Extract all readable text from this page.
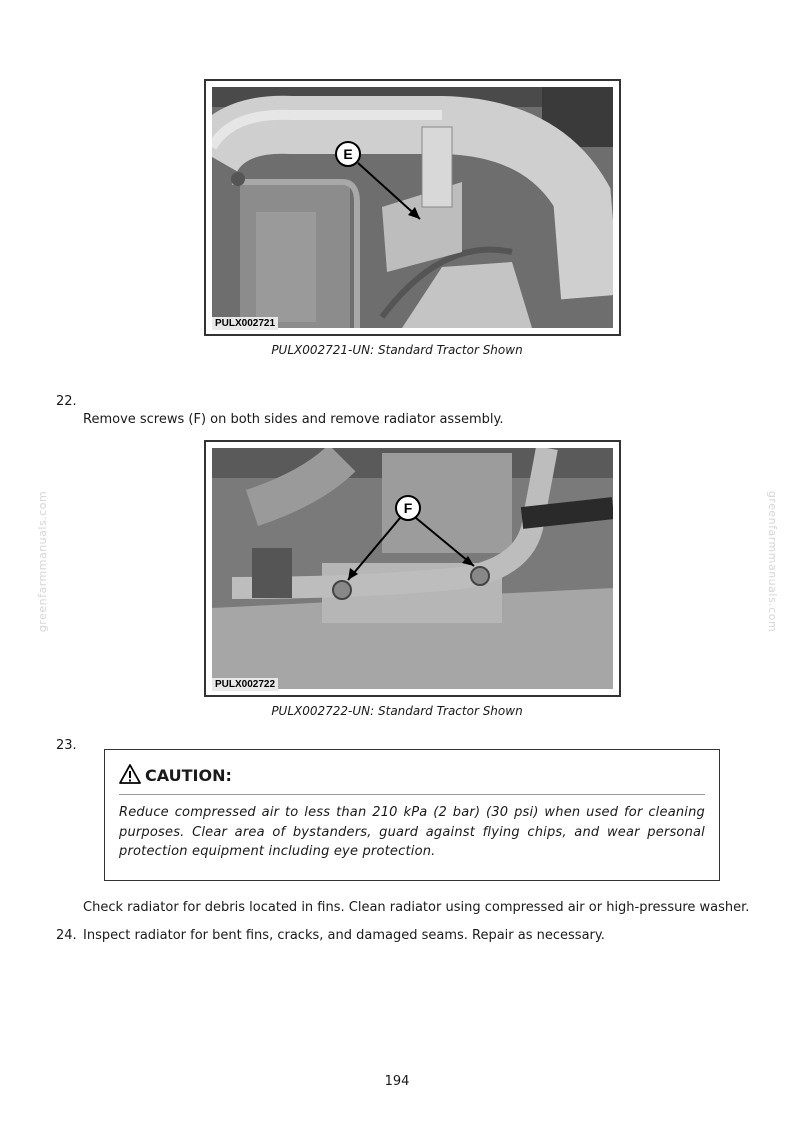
greenfarmmanuals.com	greenfarmmanuals.com
E
PULX002721
PULX002721-UN: Standard Tractor Shown
22.
Remove screws (F) on both sides and remove radiator assembly.
F
PULX002722
PULX002722-UN: Standard Tractor Shown
23.
CAUTION:
Reduce compressed air to less than 210 kPa (2 bar) (30 psi) when used for cleaning purposes. Clear area of bystanders, guard against flying chips, and wear personal protection equipment including eye protection.
Check radiator for debris located in fins. Clean radiator using compressed air or high-pressure washer.
24. Inspect radiator for bent fins, cracks, and damaged seams. Repair as necessary.
194
